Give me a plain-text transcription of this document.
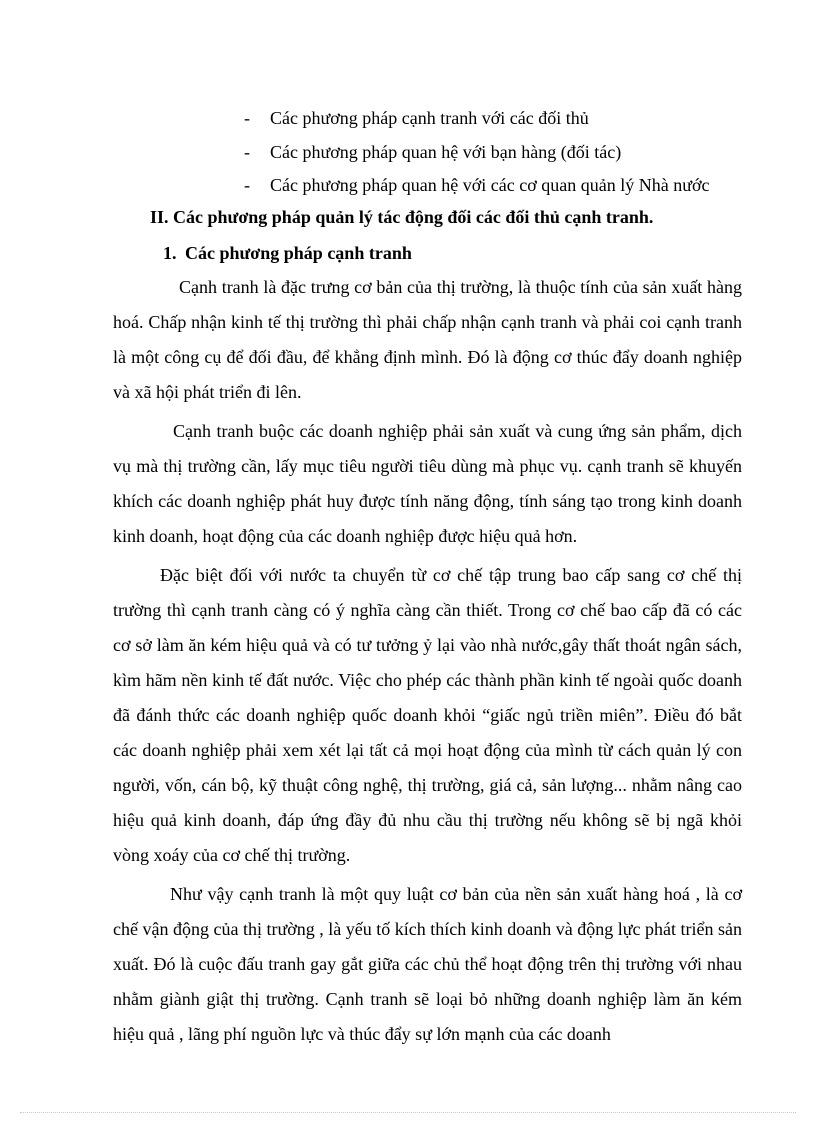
- Các phương pháp cạnh tranh với các đối thủ
- Các phương pháp quan hệ với bạn hàng (đối tác)
- Các phương pháp quan hệ với các cơ quan quản lý Nhà nước
II. Các phương pháp quản lý tác động đối các đối thủ cạnh tranh.
1. Các phương pháp cạnh tranh

Cạnh tranh là đặc trưng cơ bản của thị trường, là thuộc tính của sản xuất hàng hoá. Chấp nhận kinh tế thị trường thì phải chấp nhận cạnh tranh và phải coi cạnh tranh là một công cụ để đối đầu, để khẳng định mình. Đó là động cơ thúc đẩy doanh nghiệp và xã hội phát triển đi lên.

Cạnh tranh buộc các doanh nghiệp phải sản xuất và cung ứng sản phẩm, dịch vụ mà thị trường cần, lấy mục tiêu người tiêu dùng mà phục vụ. cạnh tranh sẽ khuyến khích các doanh nghiệp phát huy được tính năng động, tính sáng tạo trong kinh doanh kinh doanh, hoạt động của các doanh nghiệp được hiệu quả hơn.

Đặc biệt đối với nước ta chuyển từ cơ chế tập trung bao cấp sang cơ chế thị trường thì cạnh tranh càng có ý nghĩa càng cần thiết. Trong cơ chế bao cấp đã có các cơ sở làm ăn kém hiệu quả và có tư tưởng ỷ lại vào nhà nước,gây thất thoát ngân sách, kìm hãm nền kinh tế đất nước. Việc cho phép các thành phần kinh tế ngoài quốc doanh đã đánh thức các doanh nghiệp quốc doanh khỏi “giấc ngủ triền miên”. Điều đó bắt các doanh nghiệp phải xem xét lại tất cả mọi hoạt động của mình từ cách quản lý con người, vốn, cán bộ, kỹ thuật công nghệ, thị trường, giá cả, sản lượng... nhằm nâng cao hiệu quả kinh doanh, đáp ứng đầy đủ nhu cầu thị trường nếu không sẽ bị ngã khỏi vòng xoáy của cơ chế thị trường.

Như vậy cạnh tranh là một quy luật cơ bản của nền sản xuất hàng hoá , là cơ chế vận động của thị trường , là yếu tố kích thích kinh doanh và động lực phát triển sản xuất. Đó là cuộc đấu tranh gay gắt giữa các chủ thể hoạt động trên thị trường với nhau nhằm giành giật thị trường. Cạnh tranh sẽ loại bỏ những doanh nghiệp làm ăn kém hiệu quả , lãng phí nguồn lực và thúc đẩy sự lớn mạnh của các doanh
